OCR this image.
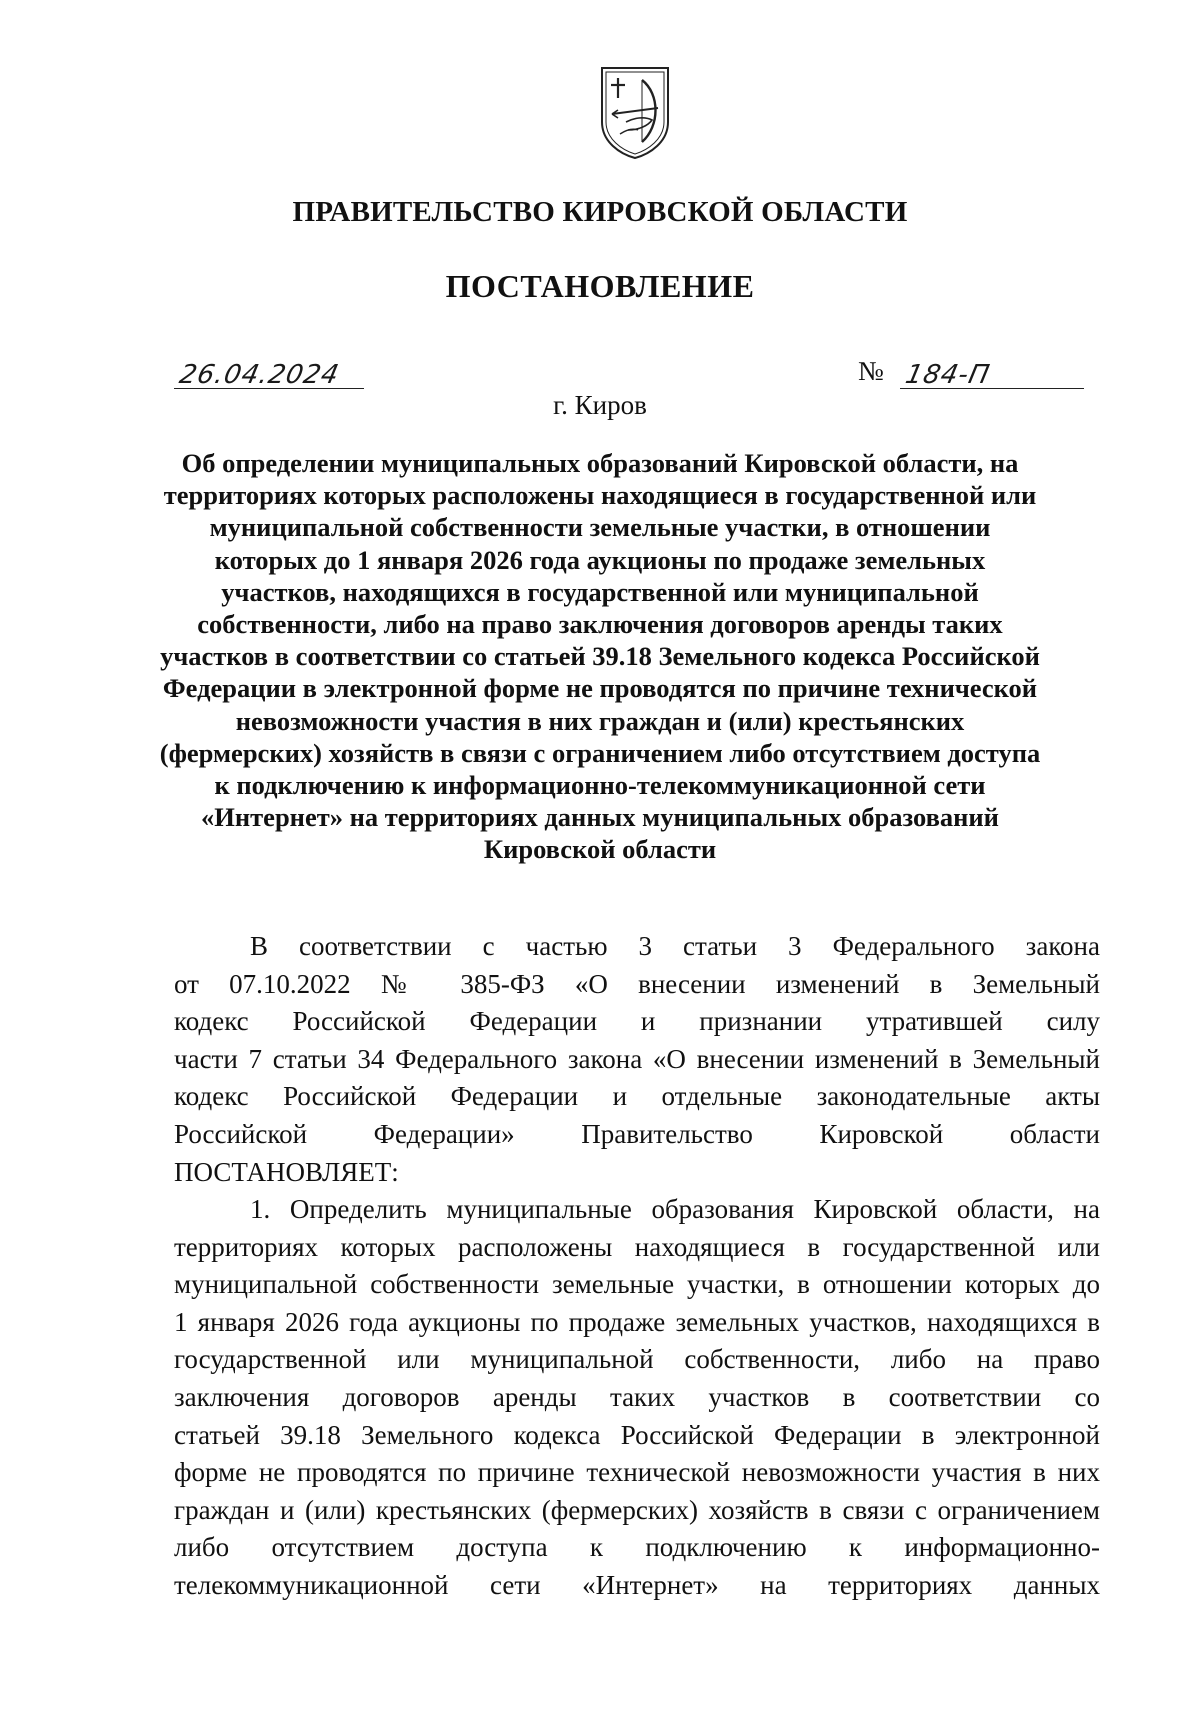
ПРАВИТЕЛЬСТВО КИРОВСКОЙ ОБЛАСТИ
ПОСТАНОВЛЕНИЕ
26.04.2024	№ 184-П
г. Киров
Об определении муниципальных образований Кировской области, на
территориях которых расположены находящиеся в государственной или
муниципальной собственности земельные участки, в отношении
которых до 1 января 2026 года аукционы по продаже земельных
участков, находящихся в государственной или муниципальной
собственности, либо на право заключения договоров аренды таких
участков в соответствии со статьей 39.18 Земельного кодекса Российской
Федерации в электронной форме не проводятся по причине технической
невозможности участия в них граждан и (или) крестьянских
(фермерских) хозяйств в связи с ограничением либо отсутствием доступа
к подключению к информационно-телекоммуникационной сети
«Интернет» на территориях данных муниципальных образований
Кировской области
В соответствии с частью 3 статьи 3 Федерального закона
от 07.10.2022 № 385-ФЗ «О внесении изменений в Земельный
кодекс Российской Федерации и признании утратившей силу
части 7 статьи 34 Федерального закона «О внесении изменений в Земельный
кодекс Российской Федерации и отдельные законодательные акты
Российской Федерации» Правительство Кировской области
ПОСТАНОВЛЯЕТ:
1. Определить муниципальные образования Кировской области, на
территориях которых расположены находящиеся в государственной или
муниципальной собственности земельные участки, в отношении которых до
1 января 2026 года аукционы по продаже земельных участков, находящихся в
государственной или муниципальной собственности, либо на право
заключения договоров аренды таких участков в соответствии со
статьей 39.18 Земельного кодекса Российской Федерации в электронной
форме не проводятся по причине технической невозможности участия в них
граждан и (или) крестьянских (фермерских) хозяйств в связи с ограничением
либо отсутствием доступа к подключению к информационно-
телекоммуникационной сети «Интернет» на территориях данных
